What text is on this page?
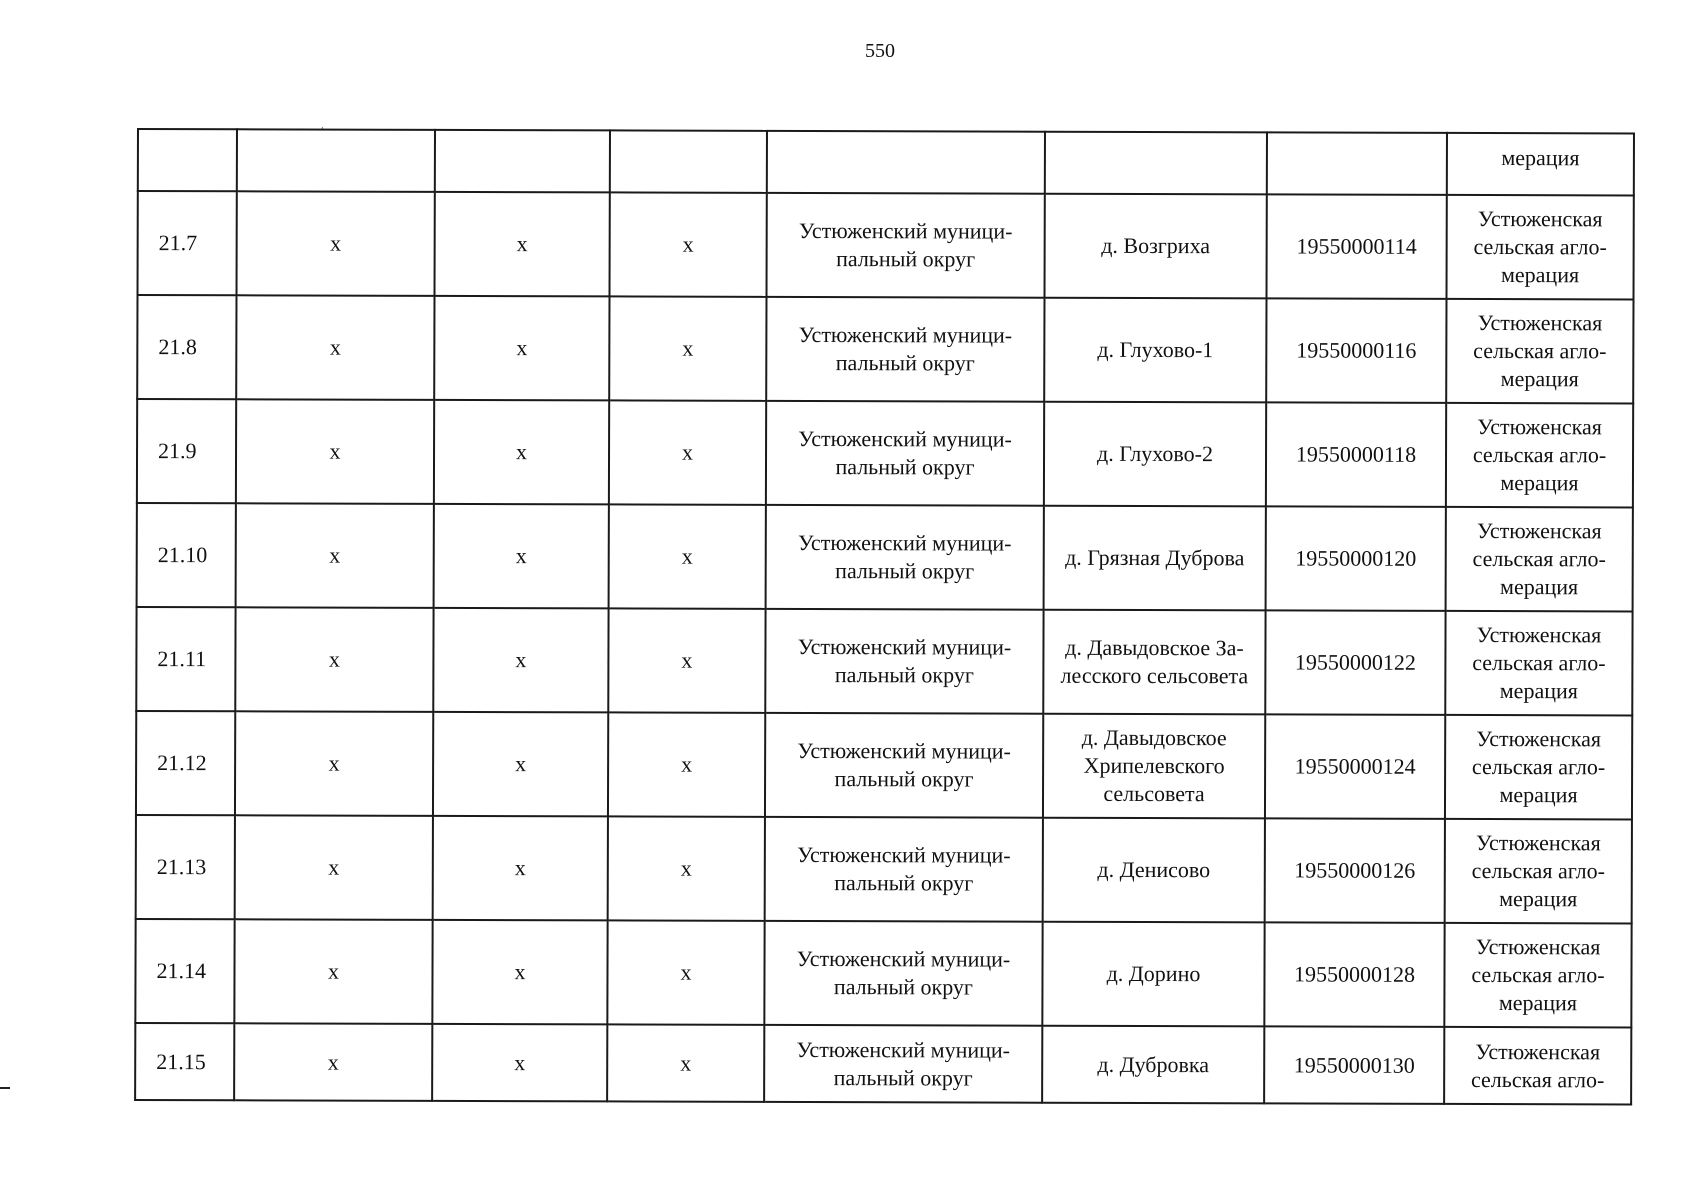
550
˛
							мерация
21.7	х	х	х	Устюженский муници-
пальный округ	д. Возгриха	19550000114	Устюженская
сельская агло-
мерация
21.8	х	х	х	Устюженский муници-
пальный округ	д. Глухово-1	19550000116	Устюженская
сельская агло-
мерация
21.9	х	х	х	Устюженский муници-
пальный округ	д. Глухово-2	19550000118	Устюженская
сельская агло-
мерация
21.10	х	х	х	Устюженский муници-
пальный округ	д. Грязная Дуброва	19550000120	Устюженская
сельская агло-
мерация
21.11	х	х	х	Устюженский муници-
пальный округ	д. Давыдовское За-
лесского сельсовета	19550000122	Устюженская
сельская агло-
мерация
21.12	х	х	х	Устюженский муници-
пальный округ	д. Давыдовское
Хрипелевского
сельсовета	19550000124	Устюженская
сельская агло-
мерация
21.13	х	х	х	Устюженский муници-
пальный округ	д. Денисово	19550000126	Устюженская
сельская агло-
мерация
21.14	х	х	х	Устюженский муници-
пальный округ	д. Дорино	19550000128	Устюженская
сельская агло-
мерация
21.15	х	х	х	Устюженский муници-
пальный округ	д. Дубровка	19550000130	Устюженская
сельская агло-
